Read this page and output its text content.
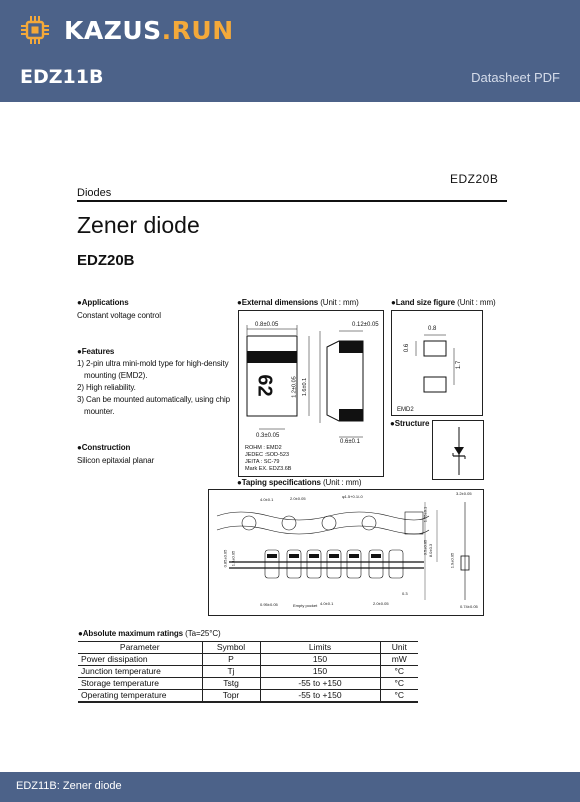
KAZUS.RUN
EDZ11B	Datasheet PDF
EDZ20B
Diodes
Zener diode
EDZ20B
●Applications
Constant voltage control
●Features
1) 2-pin ultra mini-mold type for high-density
mounting (EMD2).
2) High reliability.
3) Can be mounted automatically, using chip
mounter.
●Construction
Silicon epitaxial planar
●External dimensions (Unit : mm)
0.8±0.05	0.12±0.05
62	1.2±0.05 1.6±0.1
0.3±0.05
0.6±0.1
ROHM : EMD2
JEDEC :SOD-523
JEITA : SC-79
Mark EX. EDZ3.6B
●Land size figure (Unit : mm)
0.8
0.6
1.7
EMD2
●Structure
●Taping specifications (Unit : mm)
4.0±0.1	2.0±0.05	φ1.5+0.1/-0
1.75±0.1
3.5±0.05 8.0±0.3
4.0±0.1	2.0±0.05
0.3
0.95±0.05	Empty pocket
3.2±0.05
1.9±0.05
0.85±0.05 1.3±0.05
0.74±0.05
●Absolute maximum ratings (Ta=25°C)
Parameter	Symbol	Limits	Unit
Power dissipation	P	150	mW
Junction temperature	Tj	150	°C
Storage temperature	Tstg	-55 to +150	°C
Operating temperature	Topr	-55 to +150	°C
EDZ11B: Zener diode
